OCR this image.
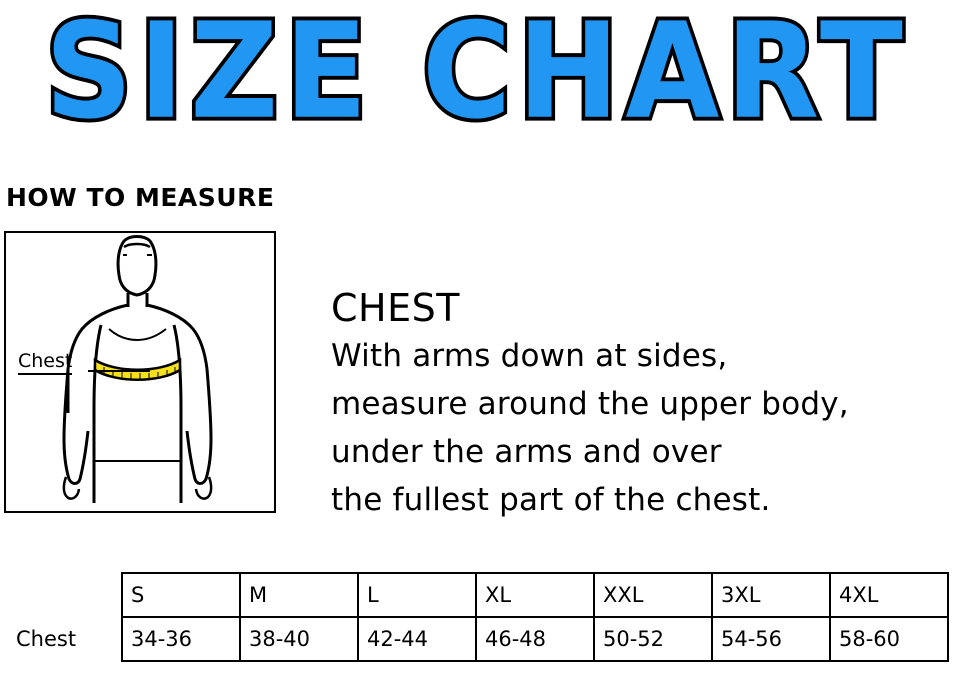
SIZE CHART
HOW TO MEASURE
Chest
CHEST

With arms down at sides,

measure around the upper body,

under the arms and over

the fullest part of the chest.

	S	M	L	XL	XXL	3XL	4XL
Chest	34-36	38-40	42-44	46-48	50-52	54-56	58-60
